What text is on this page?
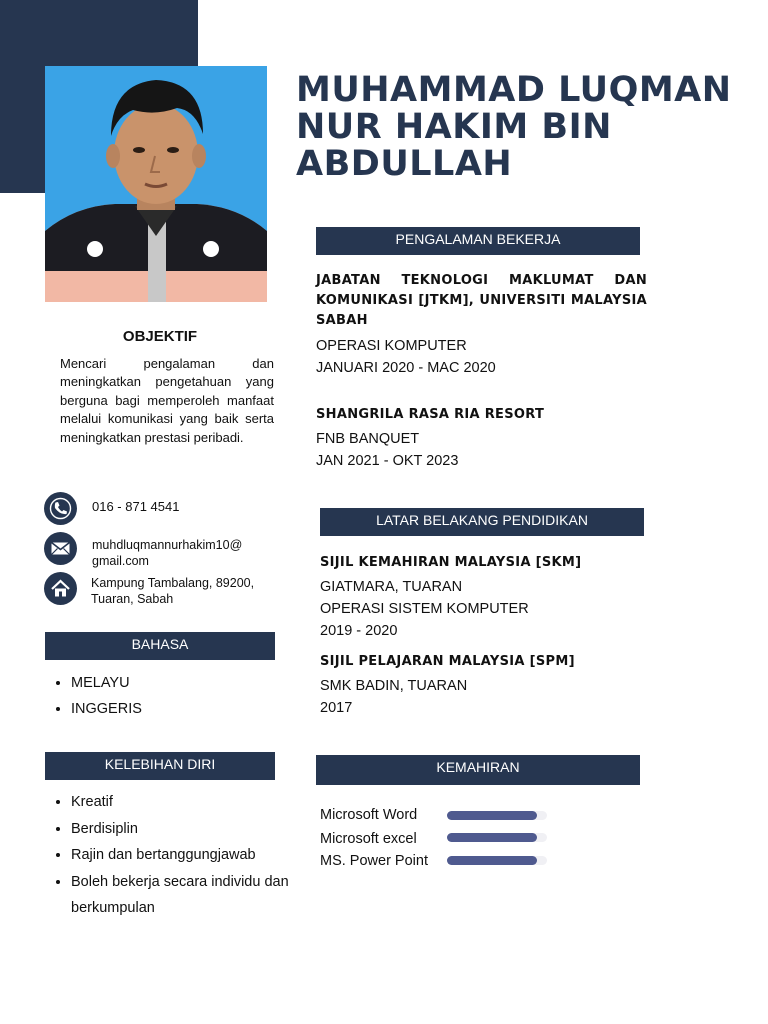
MUHAMMAD LUQMAN NUR HAKIM BIN ABDULLAH
OBJEKTIF
Mencari pengalaman dan meningkatkan pengetahuan yang berguna bagi memperoleh manfaat melalui komunikasi yang baik serta meningkatkan prestasi peribadi.
016 - 871 4541
muhdluqmannurhakim10@
gmail.com
Kampung Tambalang, 89200,
Tuaran, Sabah
BAHASA
• MELAYU
• INGGERIS
KELEBIHAN DIRI
• Kreatif
• Berdisiplin
• Rajin dan bertanggungjawab
• Boleh bekerja secara individu dan berkumpulan
PENGALAMAN BEKERJA
JABATAN TEKNOLOGI MAKLUMAT DAN KOMUNIKASI [JTKM], UNIVERSITI MALAYSIA SABAH
OPERASI KOMPUTER
JANUARI 2020 - MAC 2020
SHANGRILA RASA RIA RESORT
FNB BANQUET
JAN 2021 - OKT 2023
LATAR BELAKANG PENDIDIKAN
SIJIL KEMAHIRAN MALAYSIA [SKM]
GIATMARA, TUARAN
OPERASI SISTEM KOMPUTER
2019 - 2020
SIJIL PELAJARAN MALAYSIA [SPM]
SMK BADIN, TUARAN
2017
KEMAHIRAN
Microsoft Word
Microsoft excel
MS. Power Point
